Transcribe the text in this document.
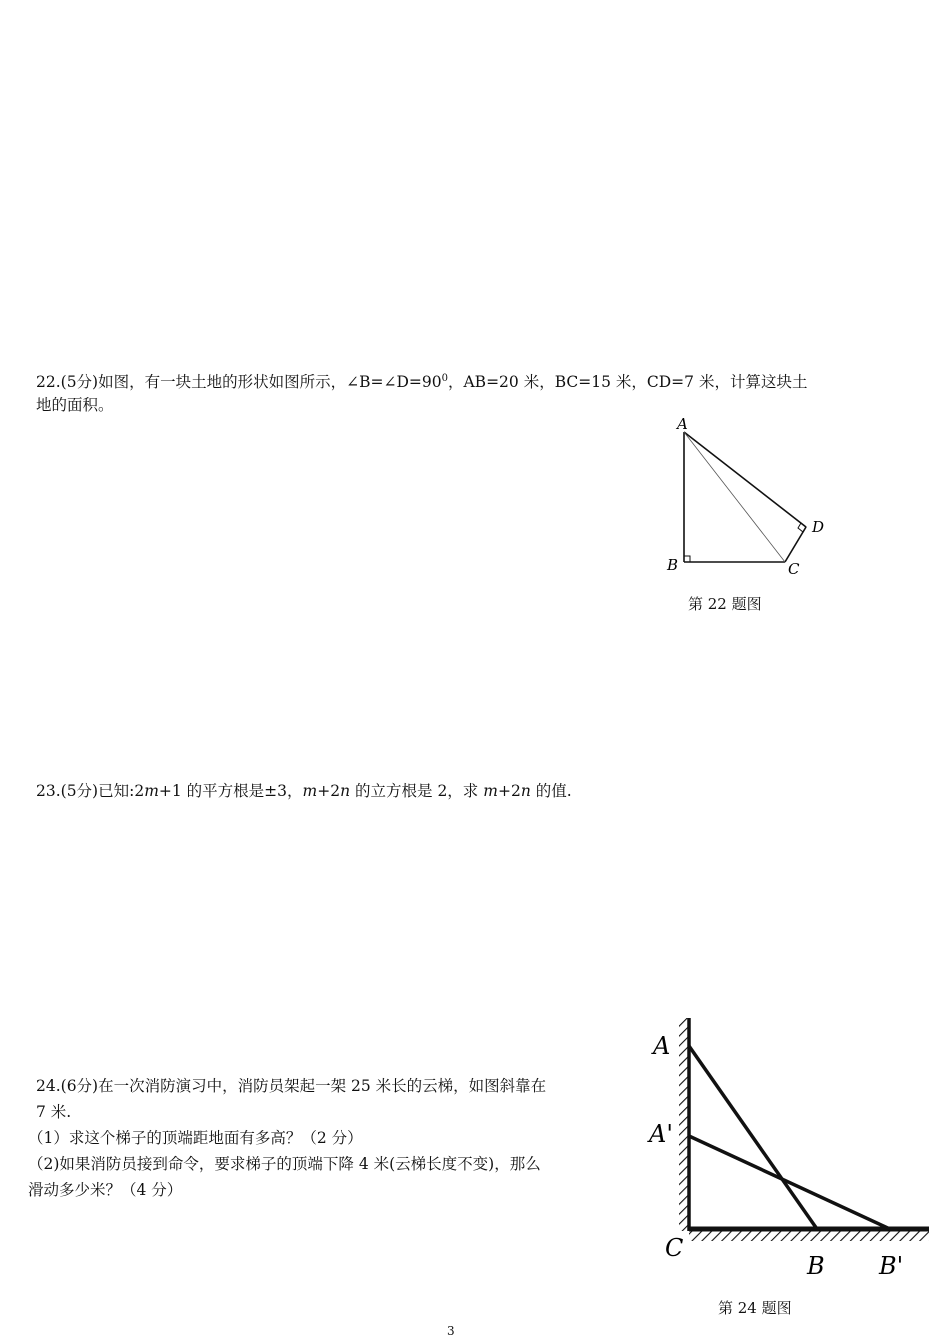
22.(5分)如图，有一块土地的形状如图所示，$\angle B=\angle D=90^0$，AB=20 米，BC=15 米，CD=7 米，计算这块土
地的面积。
A
B	C
D
第 22 题图
23.(5分)已知:2m+1 的平方根是±3，m+2n 的立方根是 2，求 m+2n 的值.
24.(6分)在一次消防演习中，消防员架起一架 25 米长的云梯，如图斜靠在
7 米.
（1）求这个梯子的顶端距地面有多高？（2 分）
（2)如果消防员接到命令，要求梯子的顶端下降 4 米(云梯长度不变)，那么
滑动多少米？（4 分）
A
A'
C
B B'
第 24 题图
3
